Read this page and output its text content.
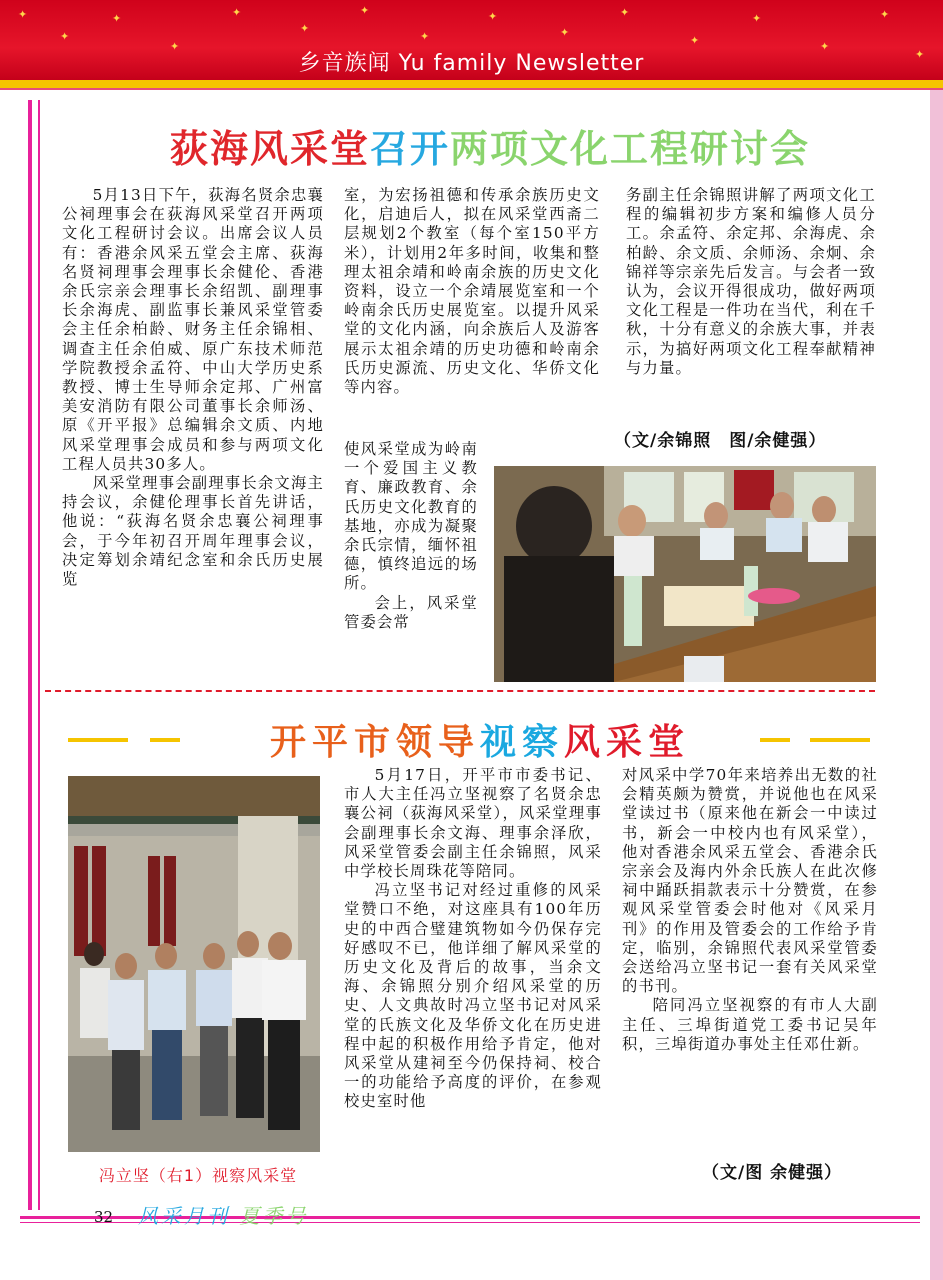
✦
✦
✦
✦
✦
✦
✦
✦
✦
✦
✦
✦
✦
✦
✦
✦
乡音族闻 Yu family Newsletter
荻海风采堂召开两项文化工程研讨会

5月13日下午，荻海名贤余忠襄公祠理事会在荻海风采堂召开两项文化工程研讨会议。出席会议人员有：香港余风采五堂会主席、荻海名贤祠理事会理事长余健伦、香港余氏宗亲会理事长余绍凯、副理事长余海虎、副监事长兼风采堂管委会主任余柏龄、财务主任余锦相、调查主任余伯威、原广东技术师范学院教授余孟符、中山大学历史系教授、博士生导师余定邦、广州富美安消防有限公司董事长余师汤、原《开平报》总编辑余文质、内地风采堂理事会成员和参与两项文化工程人员共30多人。

风采堂理事会副理事长余文海主持会议，余健伦理事长首先讲话，他说：“荻海名贤余忠襄公祠理事会，于今年初召开周年理事会议，决定筹划余靖纪念室和余氏历史展览

室，为宏扬祖德和传承余族历史文化，启迪后人，拟在风采堂西斋二层规划2个教室（每个室150平方米），计划用2年多时间，收集和整理太祖余靖和岭南余族的历史文化资料，设立一个余靖展览室和一个岭南余氏历史展览室。以提升风采堂的文化内涵，向余族后人及游客展示太祖余靖的历史功德和岭南余氏历史源流、历史文化、华侨文化等内容。

使风采堂成为岭南一个爱国主义教育、廉政教育、余氏历史文化教育的基地，亦成为凝聚余氏宗情，缅怀祖德，慎终追远的场所。

会上，风采堂管委会常

务副主任余锦照讲解了两项文化工程的编辑初步方案和编修人员分工。余孟符、余定邦、余海虎、余柏龄、余文质、余师汤、余炯、余锦祥等宗亲先后发言。与会者一致认为，会议开得很成功，做好两项文化工程是一件功在当代，利在千秋，十分有意义的余族大事，并表示，为搞好两项文化工程奉献精神与力量。

（文/余锦照　图/余健强）
开平市领导视察风采堂
冯立坚（右1）视察风采堂

5月17日，开平市市委书记、市人大主任冯立坚视察了名贤余忠襄公祠（荻海风采堂），风采堂理事会副理事长余文海、理事余泽欣，风采堂管委会副主任余锦照，风采中学校长周珠花等陪同。

冯立坚书记对经过重修的风采堂赞口不绝，对这座具有100年历史的中西合璧建筑物如今仍保存完好感叹不已，他详细了解风采堂的历史文化及背后的故事，当余文海、余锦照分别介绍风采堂的历史、人文典故时冯立坚书记对风采堂的氏族文化及华侨文化在历史进程中起的积极作用给予肯定，他对风采堂从建祠至今仍保持祠、校合一的功能给予高度的评价，在参观校史室时他

对风采中学70年来培养出无数的社会精英颇为赞赏，并说他也在风采堂读过书（原来他在新会一中读过书，新会一中校内也有风采堂），他对香港余风采五堂会、香港余氏宗亲会及海内外余氏族人在此次修祠中踊跃捐款表示十分赞赏，在参观风采堂管委会时他对《风采月刊》的作用及管委会的工作给予肯定，临别，余锦照代表风采堂管委会送给冯立坚书记一套有关风采堂的书刊。

陪同冯立坚视察的有市人大副主任、三埠街道党工委书记吴年积，三埠街道办事处主任邓仕新。

（文/图 余健强）
32 风采月刊 夏季号
